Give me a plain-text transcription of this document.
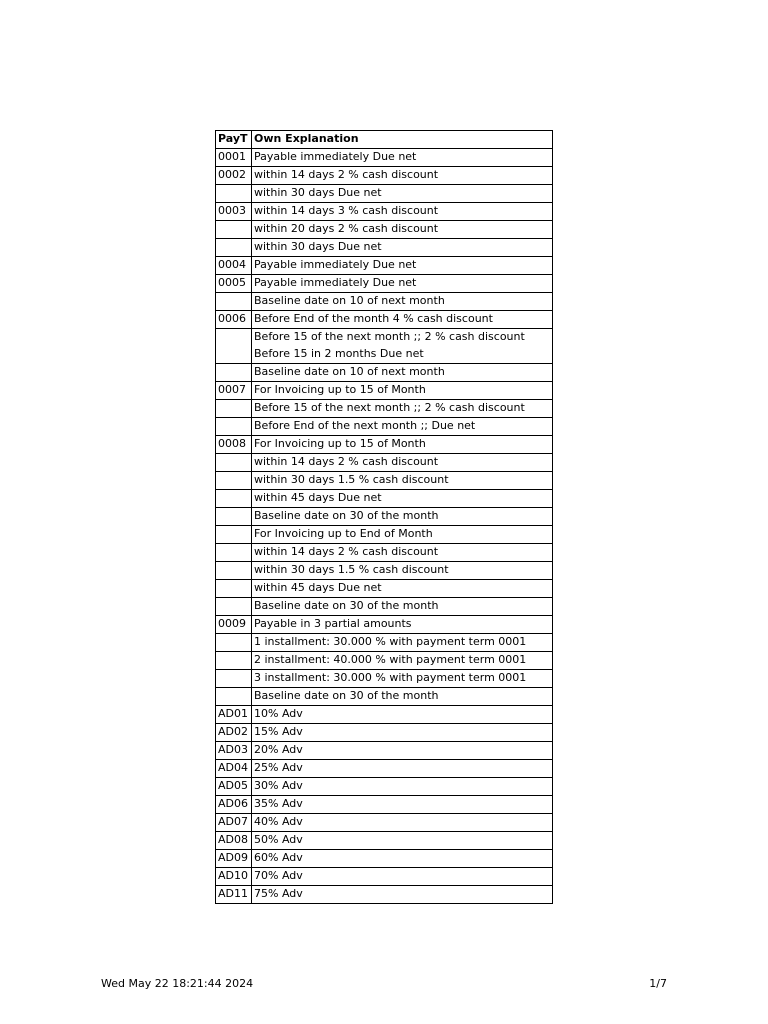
PayT	Own Explanation
0001	Payable immediately Due net
0002	within 14 days 2 % cash discount
	within 30 days Due net
0003	within 14 days 3 % cash discount
	within 20 days 2 % cash discount
	within 30 days Due net
0004	Payable immediately Due net
0005	Payable immediately Due net
	Baseline date on 10 of next month
0006	Before End of the month 4 % cash discount

	Before 15 of the next month ;; 2 % cash discount
Before 15 in 2 months Due net

	Baseline date on 10 of next month
0007	For Invoicing up to 15 of Month
	Before 15 of the next month ;; 2 % cash discount
	Before End of the next month ;; Due net
0008	For Invoicing up to 15 of Month
	within 14 days 2 % cash discount
	within 30 days 1.5 % cash discount
	within 45 days Due net
	Baseline date on 30 of the month
	For Invoicing up to End of Month
	within 14 days 2 % cash discount
	within 30 days 1.5 % cash discount
	within 45 days Due net
	Baseline date on 30 of the month
0009	Payable in 3 partial amounts
	1 installment: 30.000 % with payment term 0001
	2 installment: 40.000 % with payment term 0001
	3 installment: 30.000 % with payment term 0001
	Baseline date on 30 of the month
AD01	10% Adv
AD02	15% Adv
AD03	20% Adv
AD04	25% Adv
AD05	30% Adv
AD06	35% Adv
AD07	40% Adv
AD08	50% Adv
AD09	60% Adv
AD10	70% Adv
AD11	75% Adv
Wed May 22 18:21:44 2024	1/7
